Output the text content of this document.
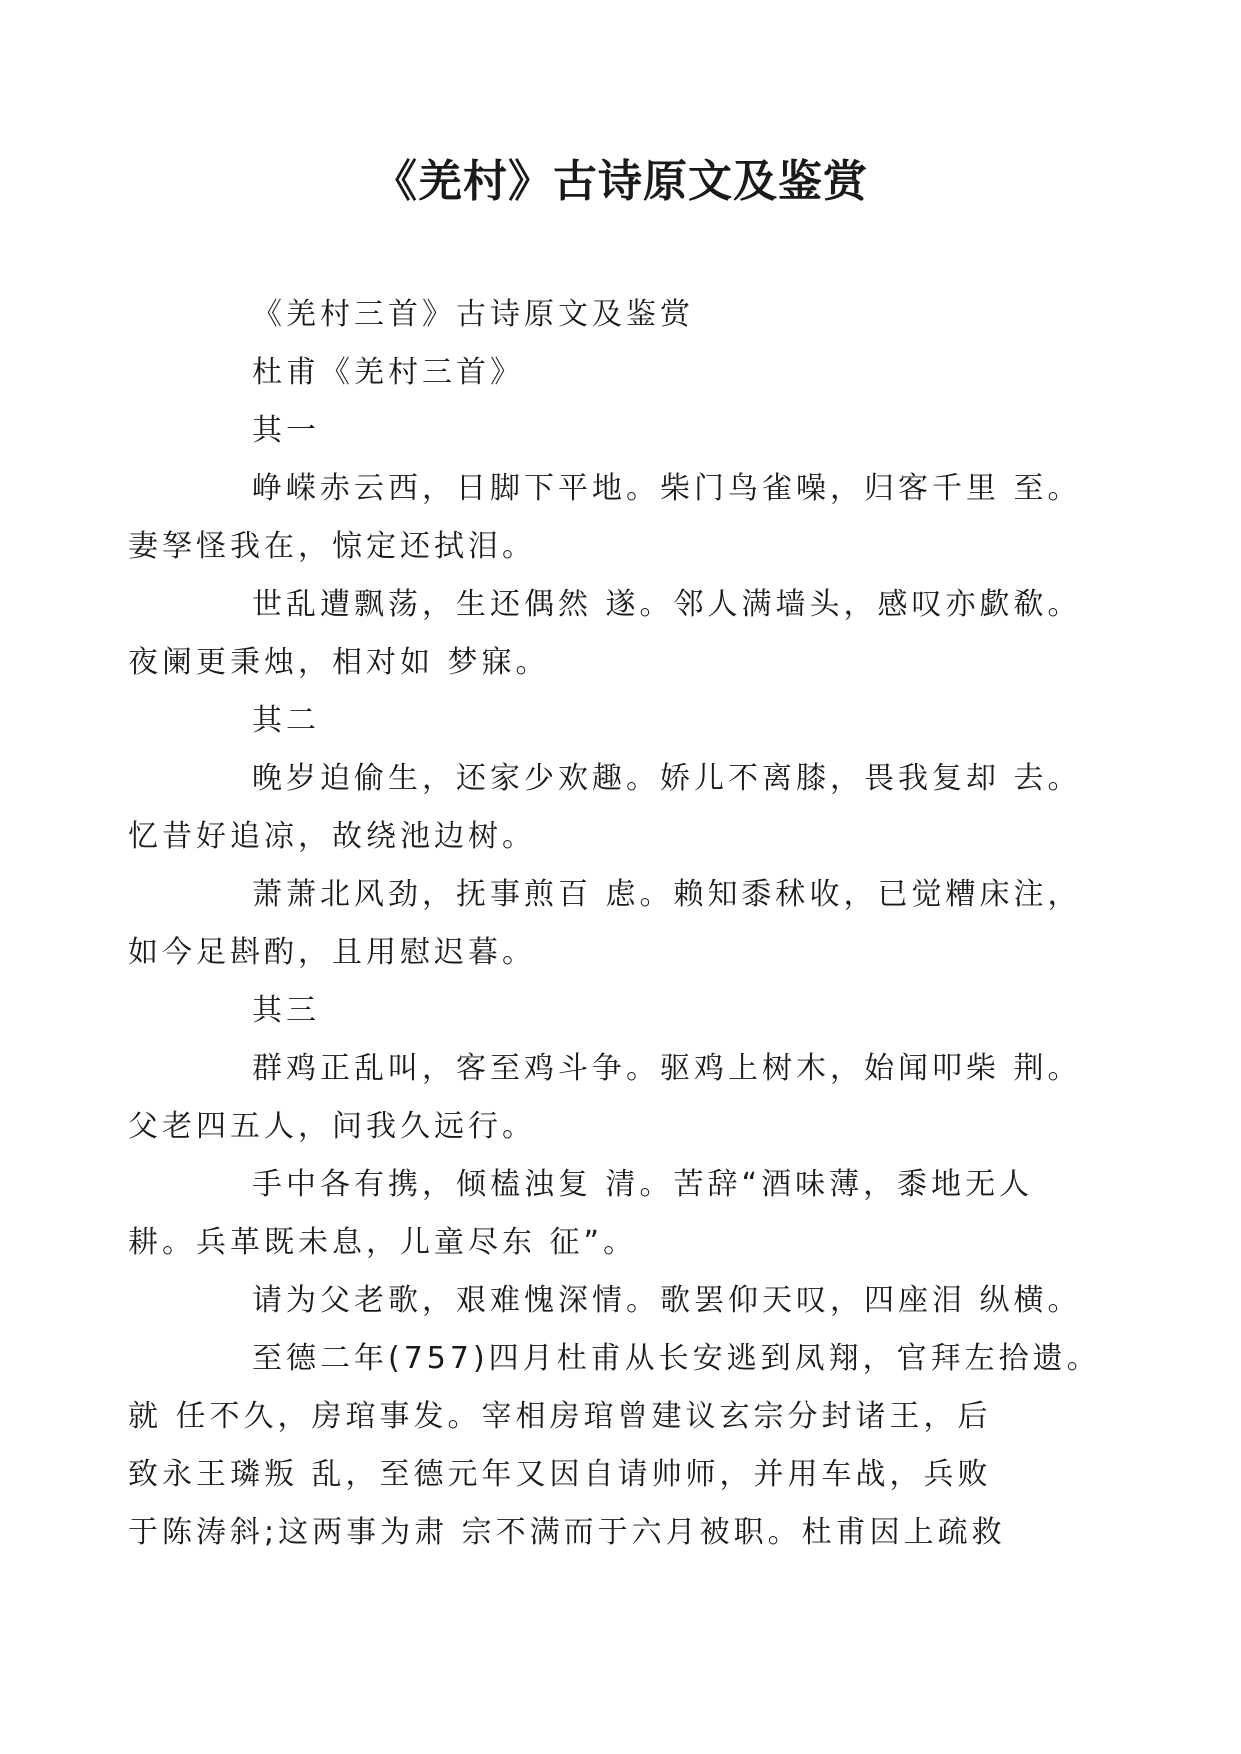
《羌村》古诗原文及鉴赏

《羌村三首》古诗原文及鉴赏

杜甫《羌村三首》

其一

峥嵘赤云西，日脚下平地。柴门鸟雀噪，归客千里 至。
妻孥怪我在，惊定还拭泪。

世乱遭飘荡，生还偶然 遂。邻人满墙头，感叹亦歔欷。
夜阑更秉烛，相对如 梦寐。

其二

晚岁迫偷生，还家少欢趣。娇儿不离膝，畏我复却 去。
忆昔好追凉，故绕池边树。

萧萧北风劲，抚事煎百 虑。赖知黍秫收，已觉糟床注，
如今足斟酌，且用慰迟暮。

其三

群鸡正乱叫，客至鸡斗争。驱鸡上树木，始闻叩柴 荆。
父老四五人，问我久远行。

手中各有携，倾榼浊复 清。苦辞“酒味薄，黍地无人
耕。兵革既未息，儿童尽东 征”。

请为父老歌，艰难愧深情。歌罢仰天叹，四座泪 纵横。

至德二年(757)四月杜甫从长安逃到凤翔，官拜左拾遗。
就 任不久，房琯事发。宰相房琯曾建议玄宗分封诸王，后
致永王璘叛 乱，至德元年又因自请帅师，并用车战，兵败
于陈涛斜;这两事为肃 宗不满而于六月被职。杜甫因上疏救
